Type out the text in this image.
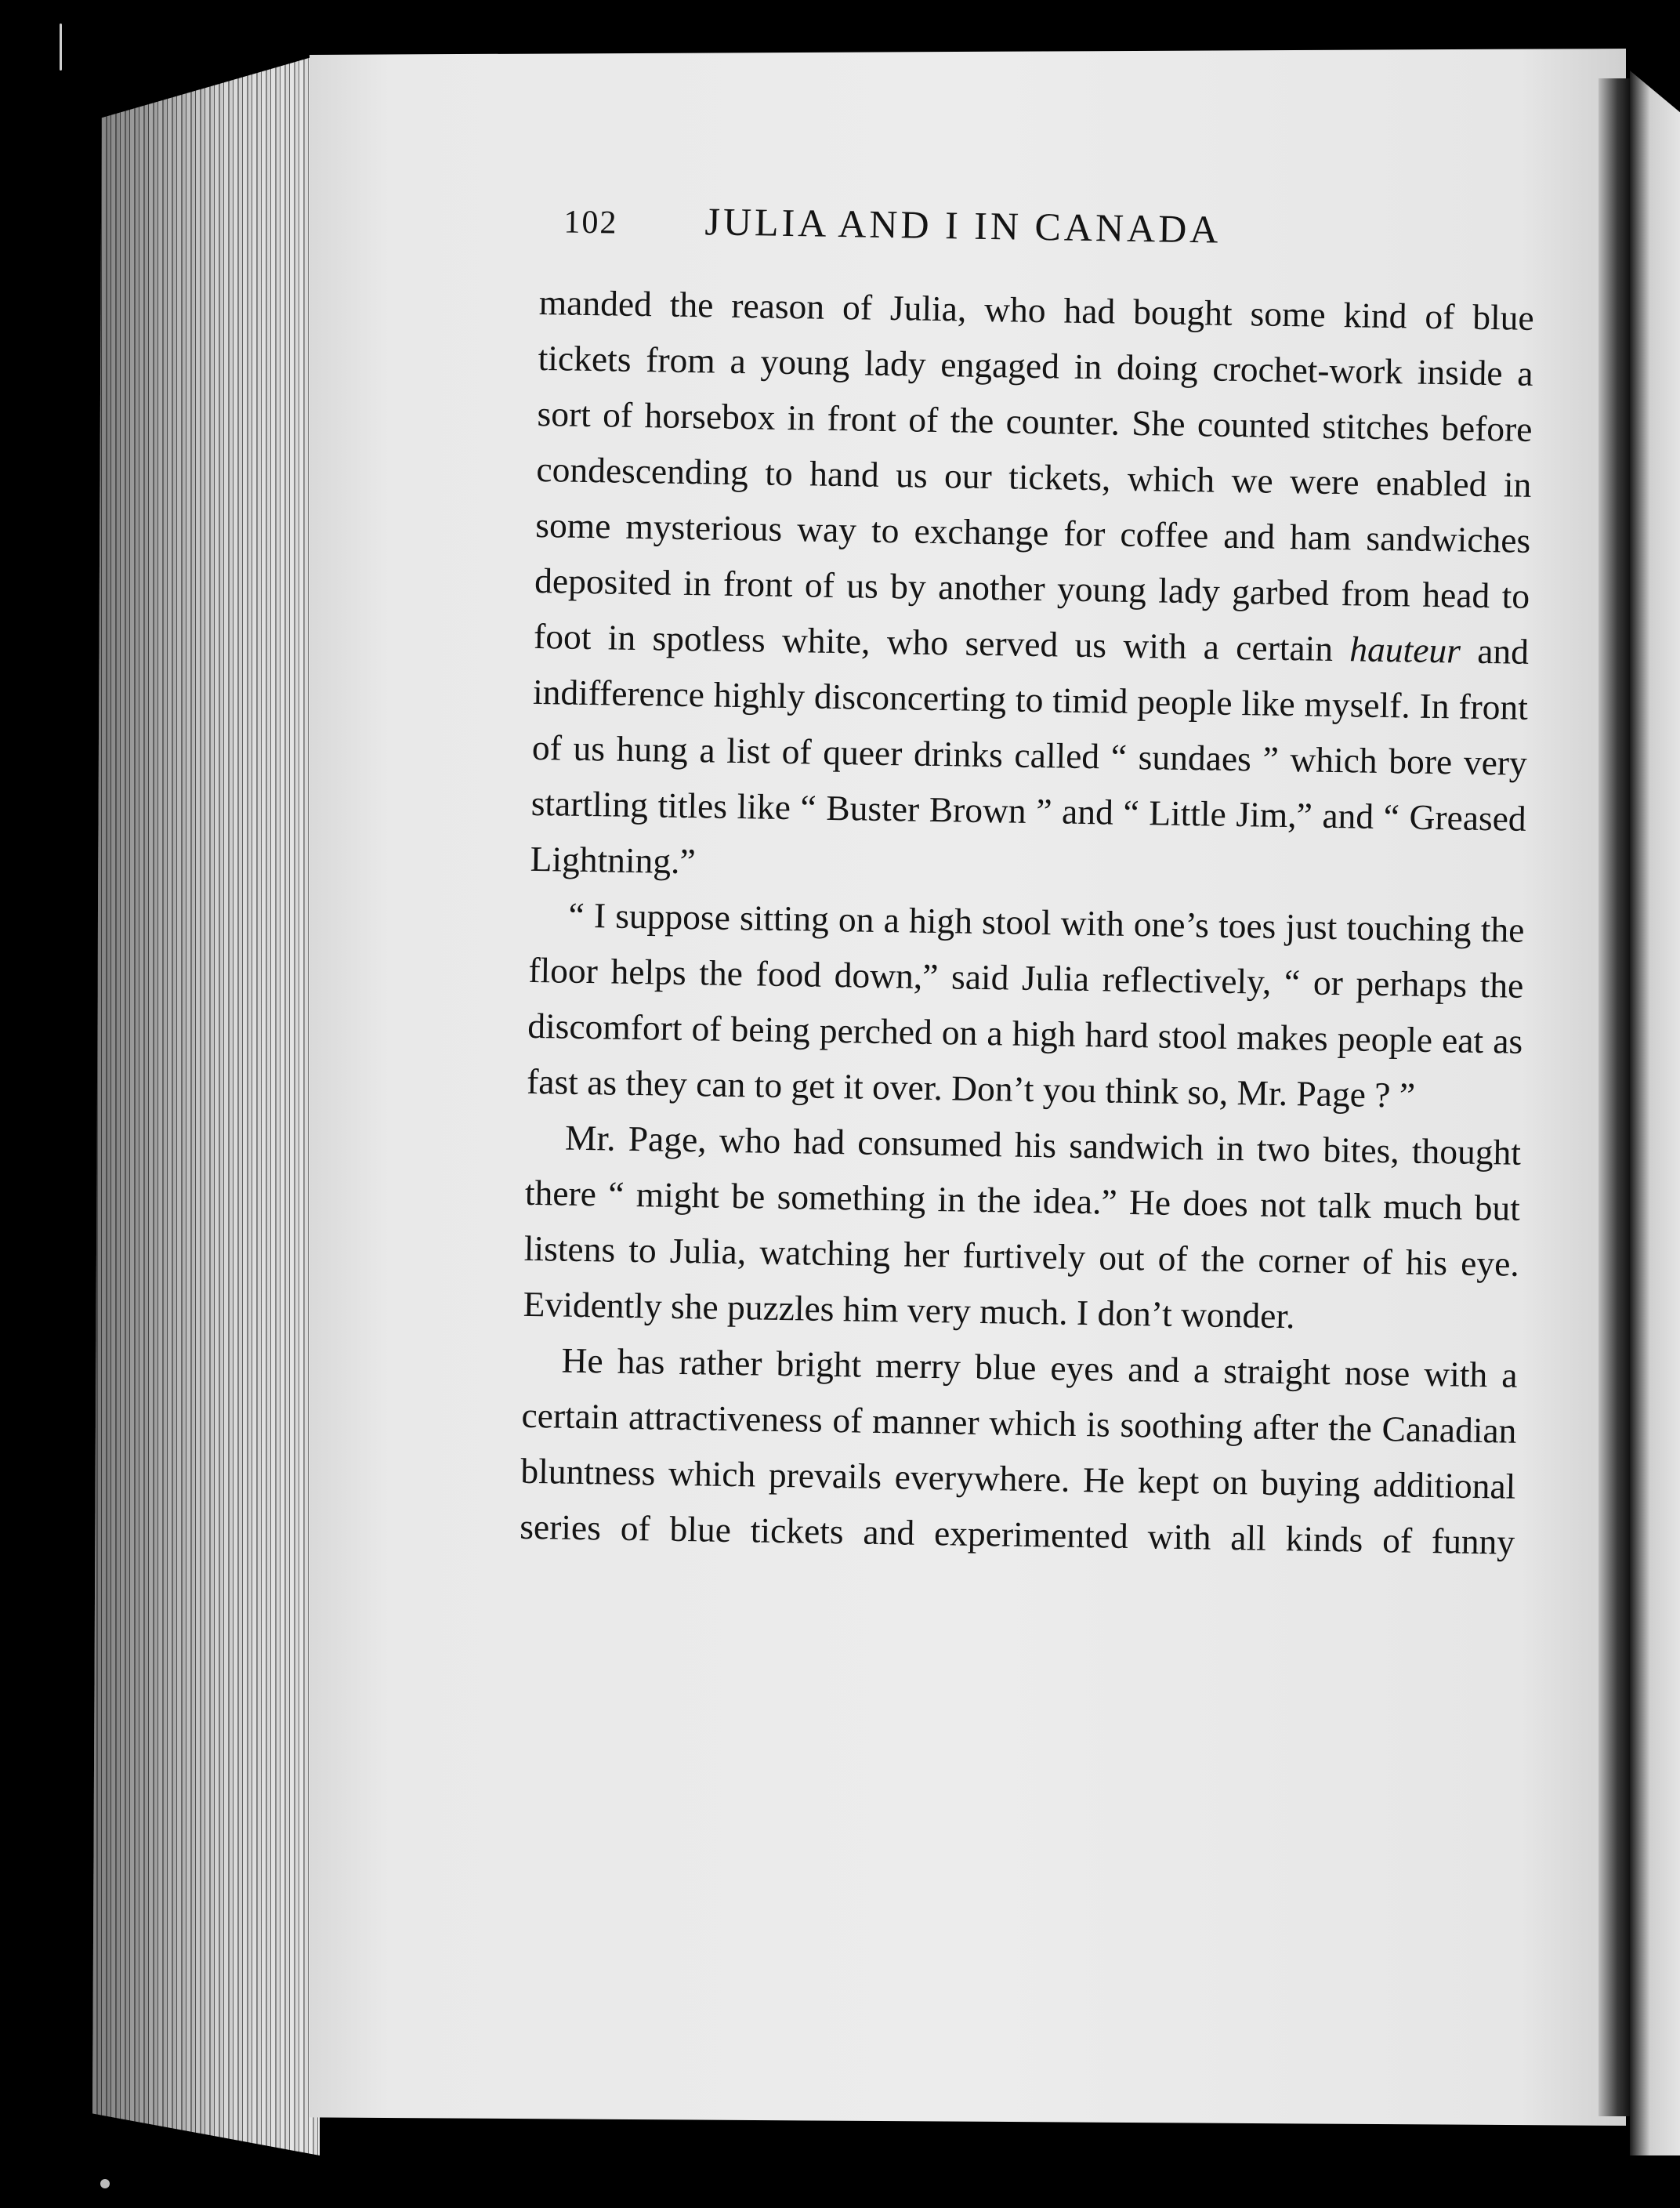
102	JULIA AND I IN CANADA

manded the reason of Julia, who had bought some kind of blue tickets from a young lady engaged in doing crochet-work inside a sort of horsebox in front of the counter. She counted stitches before condescending to hand us our tickets, which we were enabled in some mysterious way to exchange for coffee and ham sandwiches deposited in front of us by another young lady garbed from head to foot in spotless white, who served us with a certain hauteur and indifference highly disconcerting to timid people like myself. In front of us hung a list of queer drinks called “ sundaes ” which bore very startling titles like “ Buster Brown ” and “ Little Jim,” and “ Greased Lightning.”

“ I suppose sitting on a high stool with one’s toes just touching the floor helps the food down,” said Julia reflectively, “ or perhaps the discomfort of being perched on a high hard stool makes people eat as fast as they can to get it over. Don’t you think so, Mr. Page ? ”

Mr. Page, who had consumed his sandwich in two bites, thought there “ might be something in the idea.” He does not talk much but listens to Julia, watching her furtively out of the corner of his eye. Evidently she puzzles him very much. I don’t wonder.

He has rather bright merry blue eyes and a straight nose with a certain attractiveness of manner which is soothing after the Canadian bluntness which prevails everywhere. He kept on buying additional series of blue tickets and experimented with all kinds of funny
